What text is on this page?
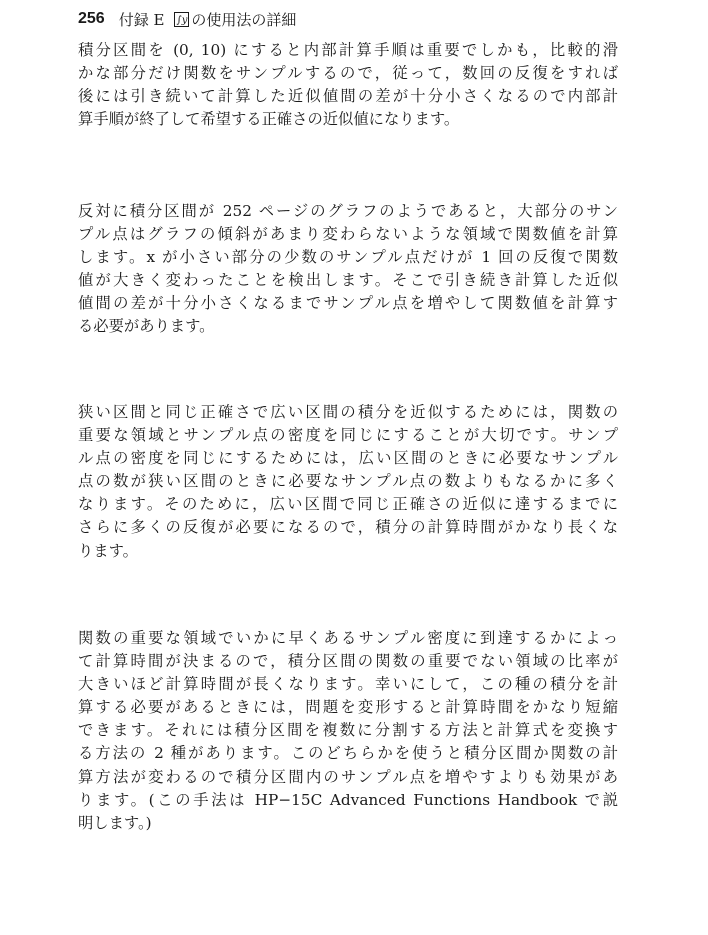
256 付録 E ∫y の使用法の詳細

積分区間を (0, 10) にすると内部計算手順は重要でしかも，比較的滑
かな部分だけ関数をサンプルするので，従って，数回の反復をすれば
後には引き続いて計算した近似値間の差が十分小さくなるので内部計
算手順が終了して希望する正確さの近似値になります。

反対に積分区間が 252 ページのグラフのようであると，大部分のサン
プル点はグラフの傾斜があまり変わらないような領域で関数値を計算
します。x が小さい部分の少数のサンプル点だけが 1 回の反復で関数
値が大きく変わったことを検出します。そこで引き続き計算した近似
値間の差が十分小さくなるまでサンプル点を増やして関数値を計算す
る必要があります。

狭い区間と同じ正確さで広い区間の積分を近似するためには，関数の
重要な領域とサンプル点の密度を同じにすることが大切です。サンプ
ル点の密度を同じにするためには，広い区間のときに必要なサンプル
点の数が狭い区間のときに必要なサンプル点の数よりもなるかに多く
なります。そのために，広い区間で同じ正確さの近似に達するまでに
さらに多くの反復が必要になるので，積分の計算時間がかなり長くな
ります。

関数の重要な領域でいかに早くあるサンプル密度に到達するかによっ
て計算時間が決まるので，積分区間の関数の重要でない領域の比率が
大きいほど計算時間が長くなります。幸いにして，この種の積分を計
算する必要があるときには，問題を変形すると計算時間をかなり短縮
できます。それには積分区間を複数に分割する方法と計算式を変換す
る方法の 2 種があります。このどちらかを使うと積分区間か関数の計
算方法が変わるので積分区間内のサンプル点を増やすよりも効果があ
ります。(この手法は HP−15C Advanced Functions Handbook で説
明します。)
